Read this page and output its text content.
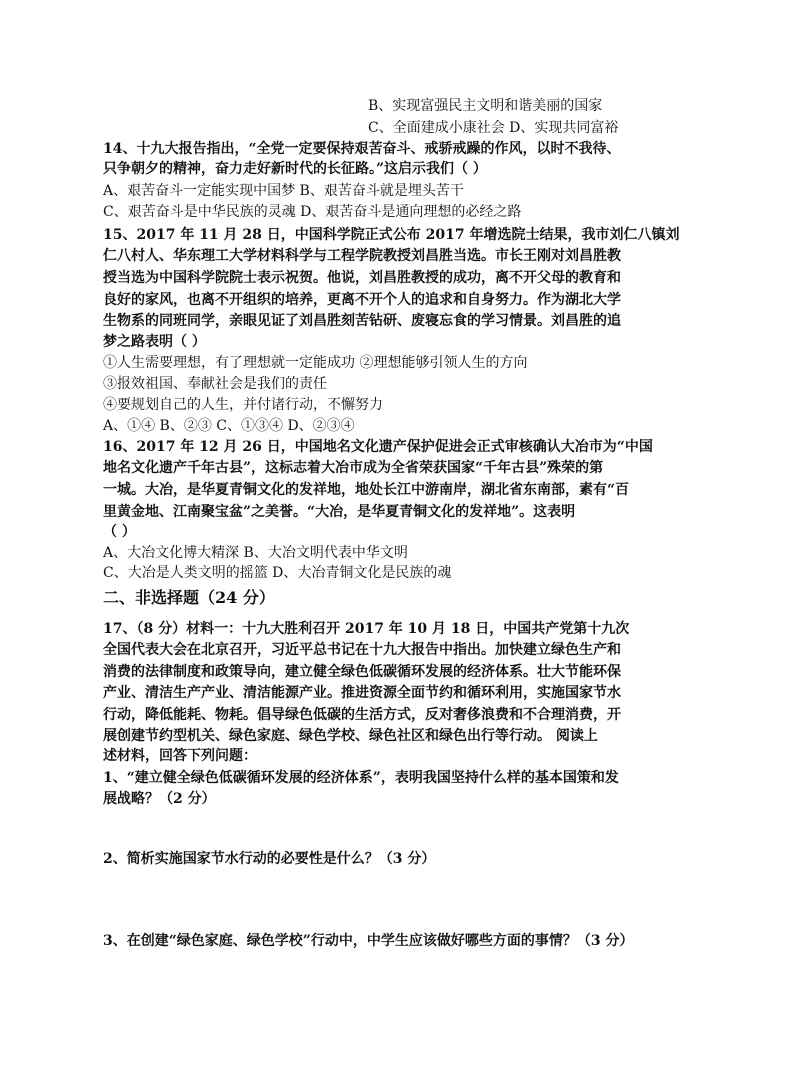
B、实现富强民主文明和谐美丽的国家
C、全面建成小康社会 D、实现共同富裕
14、十九大报告指出，“全党一定要保持艰苦奋斗、戒骄戒躁的作风，以时不我待、
只争朝夕的精神，奋力走好新时代的长征路。”这启示我们（ ）
A、艰苦奋斗一定能实现中国梦 B、艰苦奋斗就是埋头苦干
C、艰苦奋斗是中华民族的灵魂 D、艰苦奋斗是通向理想的必经之路
15、2017 年 11 月 28 日，中国科学院正式公布 2017 年增选院士结果，我市刘仁八镇刘
仁八村人、华东理工大学材料科学与工程学院教授刘昌胜当选。市长王刚对刘昌胜教
授当选为中国科学院院士表示祝贺。他说，刘昌胜教授的成功，离不开父母的教育和
良好的家风，也离不开组织的培养，更离不开个人的追求和自身努力。作为湖北大学
生物系的同班同学，亲眼见证了刘昌胜刻苦钻研、废寝忘食的学习情景。刘昌胜的追
梦之路表明（ ）
①人生需要理想，有了理想就一定能成功 ②理想能够引领人生的方向
③报效祖国、奉献社会是我们的责任
④要规划自己的人生，并付诸行动，不懈努力
A、①④ B、②③ C、①③④ D、②③④
16、2017 年 12 月 26 日，中国地名文化遗产保护促进会正式审核确认大冶市为“中国
地名文化遗产千年古县”，这标志着大冶市成为全省荣获国家“千年古县”殊荣的第
一城。大冶，是华夏青铜文化的发祥地，地处长江中游南岸，湖北省东南部，素有“百
里黄金地、江南聚宝盆”之美誉。“大冶，是华夏青铜文化的发祥地”。这表明
（ ）
A、大冶文化博大精深 B、大冶文明代表中华文明
C、大冶是人类文明的摇篮 D、大冶青铜文化是民族的魂
二、非选择题（24 分）
17、（8 分）材料一：十九大胜利召开 2017 年 10 月 18 日，中国共产党第十九次
全国代表大会在北京召开，习近平总书记在十九大报告中指出。加快建立绿色生产和
消费的法律制度和政策导向，建立健全绿色低碳循环发展的经济体系。壮大节能环保
产业、清洁生产产业、清洁能源产业。推进资源全面节约和循环利用，实施国家节水
行动，降低能耗、物耗。倡导绿色低碳的生活方式，反对奢侈浪费和不合理消费，开
展创建节约型机关、绿色家庭、绿色学校、绿色社区和绿色出行等行动。 阅读上
述材料，回答下列问题：
1、“建立健全绿色低碳循环发展的经济体系”，表明我国坚持什么样的基本国策和发
展战略？（2 分）
2、简析实施国家节水行动的必要性是什么？（3 分）
3、在创建“绿色家庭、绿色学校”行动中，中学生应该做好哪些方面的事情？（3 分）
